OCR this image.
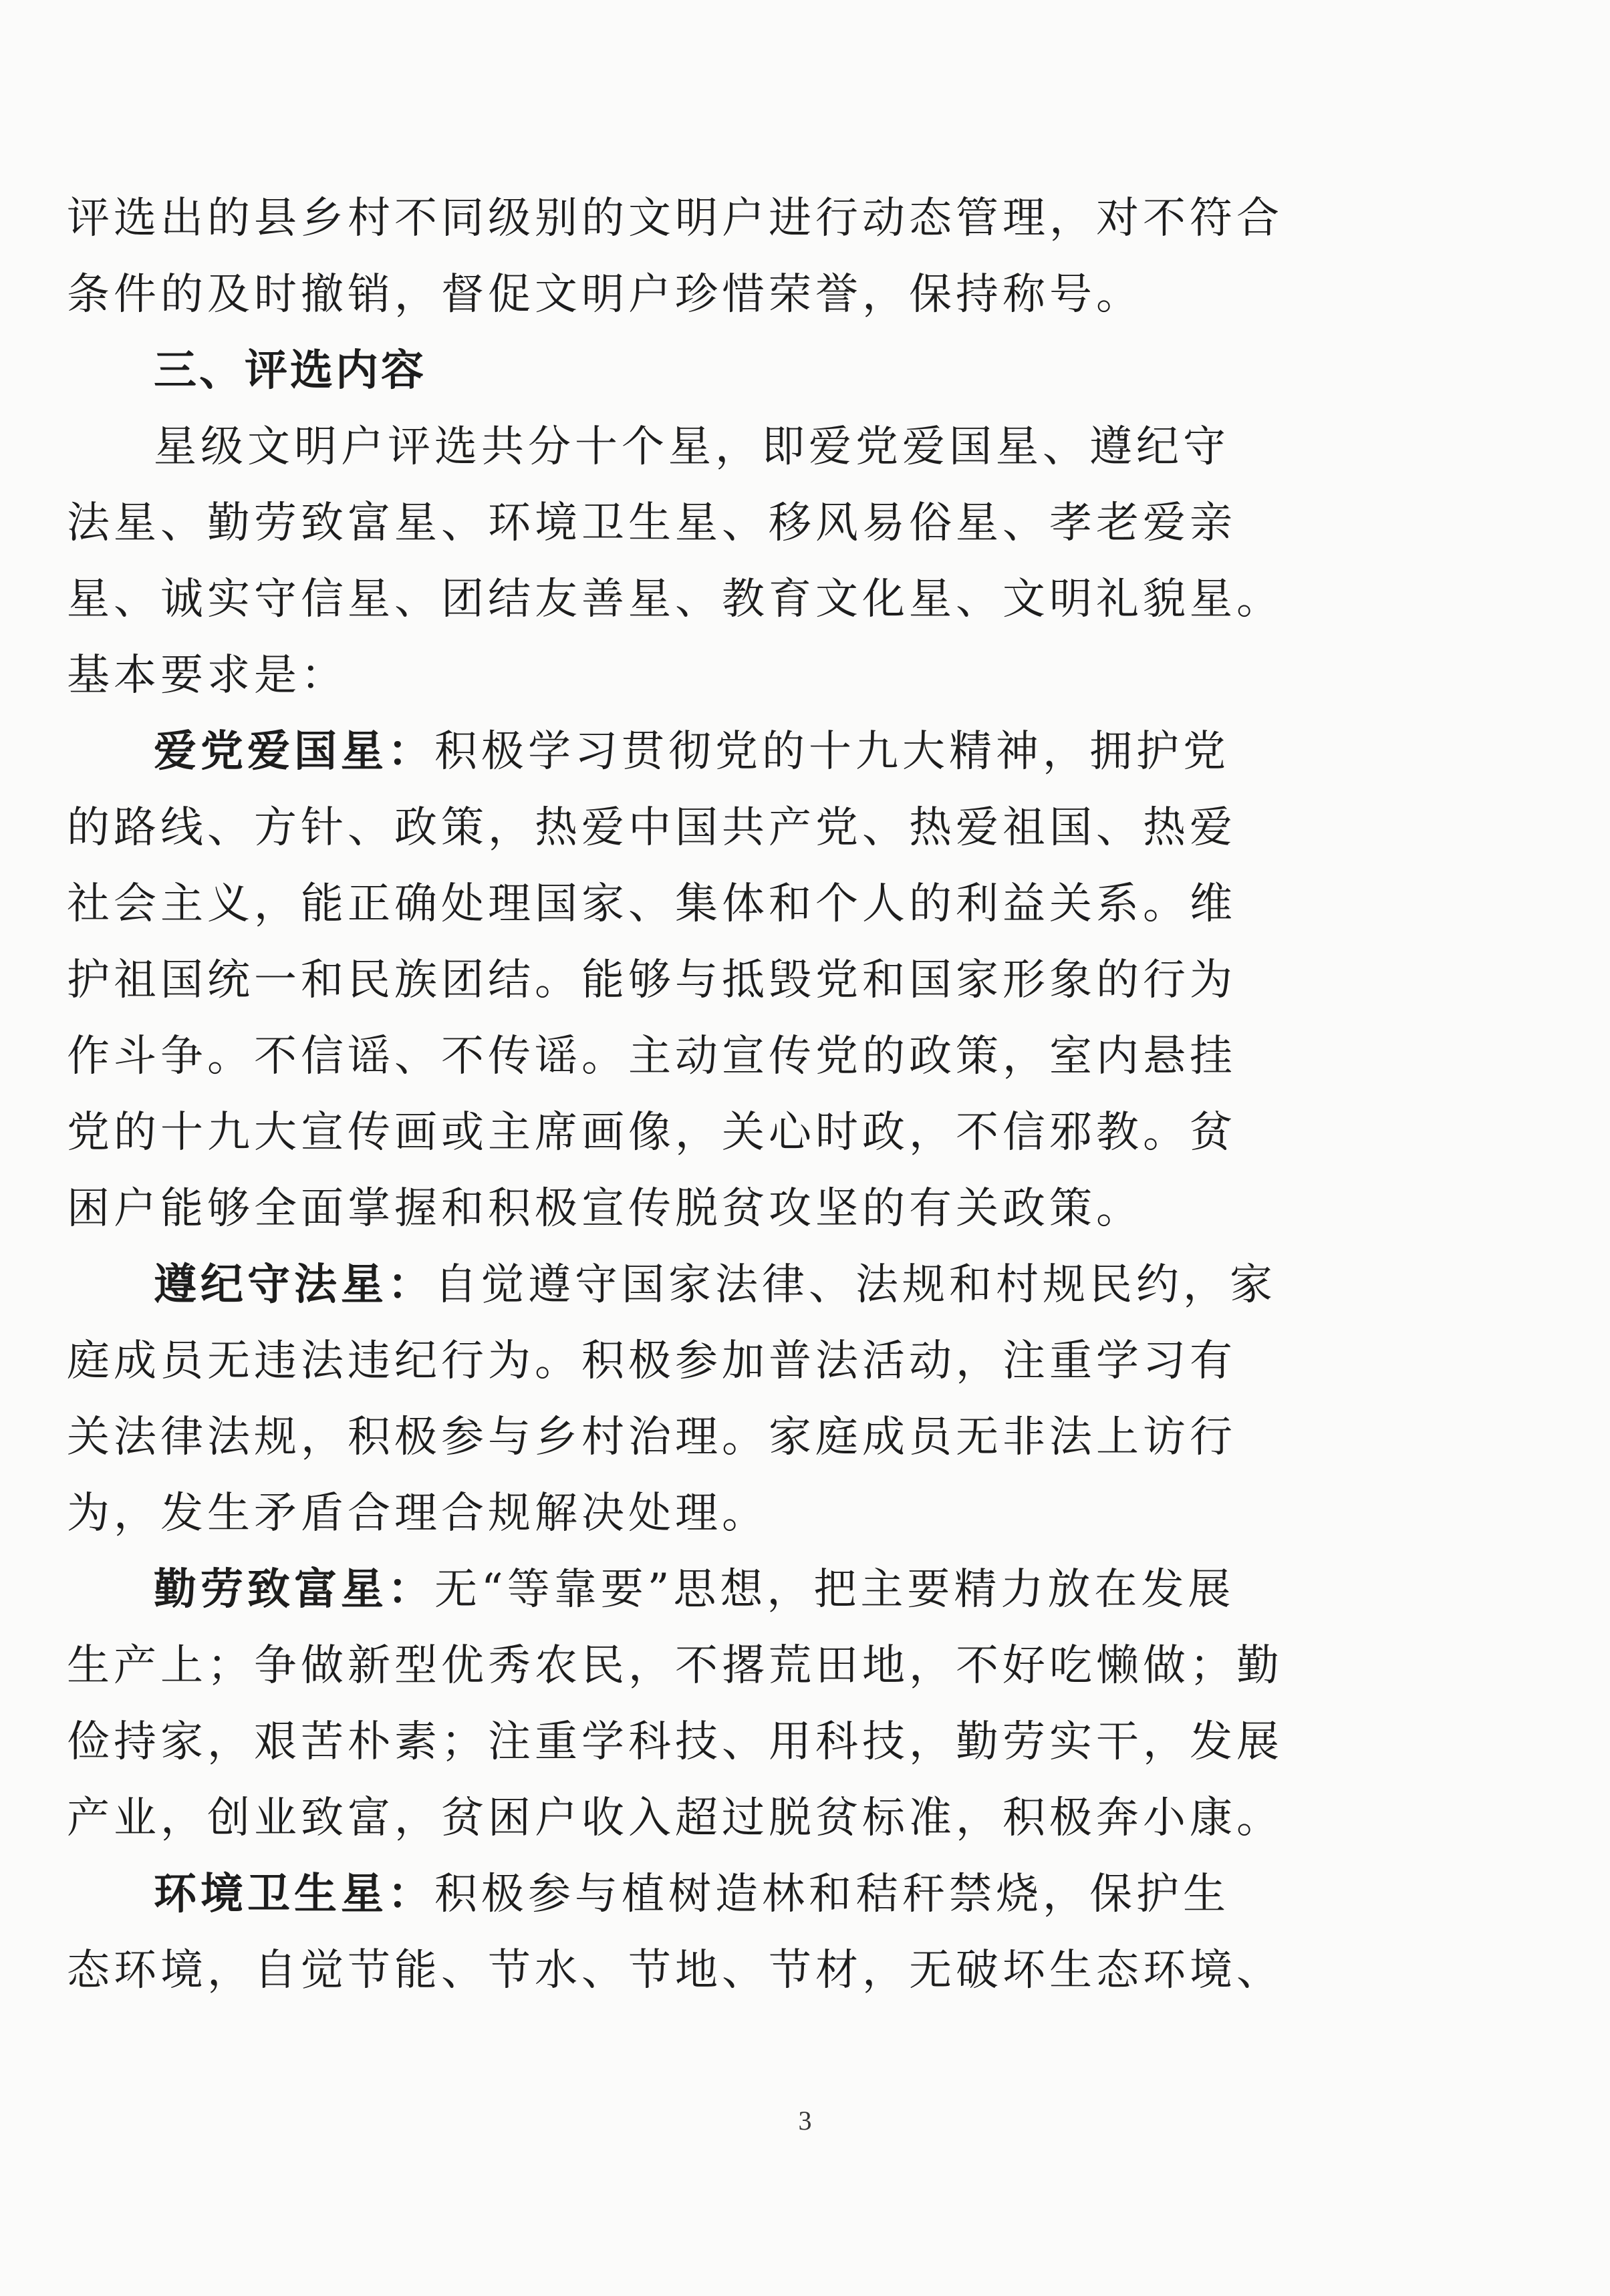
评选出的县乡村不同级别的文明户进行动态管理，对不符合
条件的及时撤销，督促文明户珍惜荣誉，保持称号。
三、评选内容
星级文明户评选共分十个星，即爱党爱国星、遵纪守
法星、勤劳致富星、环境卫生星、移风易俗星、孝老爱亲
星、诚实守信星、团结友善星、教育文化星、文明礼貌星。
基本要求是：
爱党爱国星：积极学习贯彻党的十九大精神，拥护党
的路线、方针、政策，热爱中国共产党、热爱祖国、热爱
社会主义，能正确处理国家、集体和个人的利益关系。维
护祖国统一和民族团结。能够与抵毁党和国家形象的行为
作斗争。不信谣、不传谣。主动宣传党的政策，室内悬挂
党的十九大宣传画或主席画像，关心时政，不信邪教。贫
困户能够全面掌握和积极宣传脱贫攻坚的有关政策。
遵纪守法星：自觉遵守国家法律、法规和村规民约，家
庭成员无违法违纪行为。积极参加普法活动，注重学习有
关法律法规，积极参与乡村治理。家庭成员无非法上访行
为，发生矛盾合理合规解决处理。
勤劳致富星：无“等靠要”思想，把主要精力放在发展
生产上；争做新型优秀农民，不撂荒田地，不好吃懒做；勤
俭持家，艰苦朴素；注重学科技、用科技，勤劳实干，发展
产业，创业致富，贫困户收入超过脱贫标准，积极奔小康。
环境卫生星：积极参与植树造林和秸秆禁烧，保护生
态环境，自觉节能、节水、节地、节材，无破坏生态环境、
3
